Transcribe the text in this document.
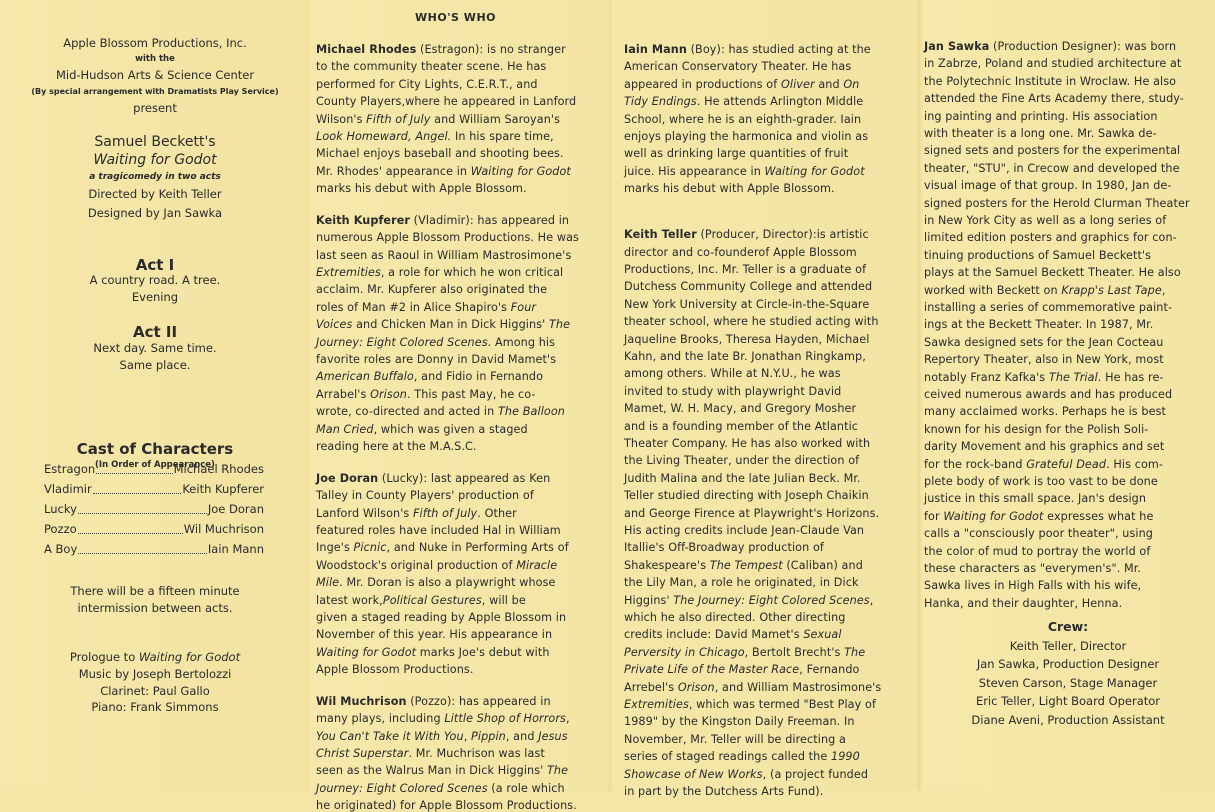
Apple Blossom Productions, Inc.
with the
Mid-Hudson Arts & Science Center
(By special arrangement with Dramatists Play Service)
present
Samuel Beckett's
Waiting for Godot
a tragicomedy in two acts
Directed by Keith Teller
Designed by Jan Sawka
Act I
A country road. A tree.
Evening
Act II
Next day. Same time.
Same place.
Cast of Characters
(In Order of Appearance)
Estragon	Michael Rhodes
Vladimir	Keith Kupferer
Lucky	Joe Doran
Pozzo	Wil Muchrison
A Boy	Iain Mann
There will be a fifteen minute
intermission between acts.
Prologue to Waiting for Godot
Music by Joseph Bertolozzi
Clarinet: Paul Gallo
Piano: Frank Simmons
WHO'S WHO
Michael Rhodes (Estragon): is no stranger
to the community theater scene. He has
performed for City Lights, C.E.R.T., and
County Players,where he appeared in Lanford
Wilson's Fifth of July and William Saroyan's
Look Homeward, Angel. In his spare time,
Michael enjoys baseball and shooting bees.
Mr. Rhodes' appearance in Waiting for Godot
marks his debut with Apple Blossom.
Keith Kupferer (Vladimir): has appeared in
numerous Apple Blossom Productions. He was
last seen as Raoul in William Mastrosimone's
Extremities, a role for which he won critical
acclaim. Mr. Kupferer also originated the
roles of Man #2 in Alice Shapiro's Four
Voices and Chicken Man in Dick Higgins' The
Journey: Eight Colored Scenes. Among his
favorite roles are Donny in David Mamet's
American Buffalo, and Fidio in Fernando
Arrabel's Orison. This past May, he co-
wrote, co-directed and acted in The Balloon
Man Cried, which was given a staged
reading here at the M.A.S.C.
Joe Doran (Lucky): last appeared as Ken
Talley in County Players' production of
Lanford Wilson's Fifth of July. Other
featured roles have included Hal in William
Inge's Picnic, and Nuke in Performing Arts of
Woodstock's original production of Miracle
Mile. Mr. Doran is also a playwright whose
latest work,Political Gestures, will be
given a staged reading by Apple Blossom in
November of this year. His appearance in
Waiting for Godot marks Joe's debut with
Apple Blossom Productions.
Wil Muchrison (Pozzo): has appeared in
many plays, including Little Shop of Horrors,
You Can't Take it With You, Pippin, and Jesus
Christ Superstar. Mr. Muchrison was last
seen as the Walrus Man in Dick Higgins' The
Journey: Eight Colored Scenes (a role which
he originated) for Apple Blossom Productions.
Iain Mann (Boy): has studied acting at the
American Conservatory Theater. He has
appeared in productions of Oliver and On
Tidy Endings. He attends Arlington Middle
School, where he is an eighth-grader. Iain
enjoys playing the harmonica and violin as
well as drinking large quantities of fruit
juice. His appearance in Waiting for Godot
marks his debut with Apple Blossom.
Keith Teller (Producer, Director):is artistic
director and co-founderof Apple Blossom
Productions, Inc. Mr. Teller is a graduate of
Dutchess Community College and attended
New York University at Circle-in-the-Square
theater school, where he studied acting with
Jaqueline Brooks, Theresa Hayden, Michael
Kahn, and the late Br. Jonathan Ringkamp,
among others. While at N.Y.U., he was
invited to study with playwright David
Mamet, W. H. Macy, and Gregory Mosher
and is a founding member of the Atlantic
Theater Company. He has also worked with
the Living Theater, under the direction of
Judith Malina and the late Julian Beck. Mr.
Teller studied directing with Joseph Chaikin
and George Firence at Playwright's Horizons.
His acting credits include Jean-Claude Van
Itallie's Off-Broadway production of
Shakespeare's The Tempest (Caliban) and
the Lily Man, a role he originated, in Dick
Higgins' The Journey: Eight Colored Scenes,
which he also directed. Other directing
credits include: David Mamet's Sexual
Perversity in Chicago, Bertolt Brecht's The
Private Life of the Master Race, Fernando
Arrebel's Orison, and William Mastrosimone's
Extremities, which was termed "Best Play of
1989" by the Kingston Daily Freeman. In
November, Mr. Teller will be directing a
series of staged readings called the 1990
Showcase of New Works, (a project funded
in part by the Dutchess Arts Fund).
Jan Sawka (Production Designer): was born
in Zabrze, Poland and studied architecture at
the Polytechnic Institute in Wroclaw. He also
attended the Fine Arts Academy there, study-
ing painting and printing. His association
with theater is a long one. Mr. Sawka de-
signed sets and posters for the experimental
theater, "STU", in Crecow and developed the
visual image of that group. In 1980, Jan de-
signed posters for the Herold Clurman Theater
in New York City as well as a long series of
limited edition posters and graphics for con-
tinuing productions of Samuel Beckett's
plays at the Samuel Beckett Theater. He also
worked with Beckett on Krapp's Last Tape,
installing a series of commemorative paint-
ings at the Beckett Theater. In 1987, Mr.
Sawka designed sets for the Jean Cocteau
Repertory Theater, also in New York, most
notably Franz Kafka's The Trial. He has re-
ceived numerous awards and has produced
many acclaimed works. Perhaps he is best
known for his design for the Polish Soli-
darity Movement and his graphics and set
for the rock-band Grateful Dead. His com-
plete body of work is too vast to be done
justice in this small space. Jan's design
for Waiting for Godot expresses what he
calls a "consciously poor theater", using
the color of mud to portray the world of
these characters as "everymen's". Mr.
Sawka lives in High Falls with his wife,
Hanka, and their daughter, Henna.
Crew:
Keith Teller, Director
Jan Sawka, Production Designer
Steven Carson, Stage Manager
Eric Teller, Light Board Operator
Diane Aveni, Production Assistant
